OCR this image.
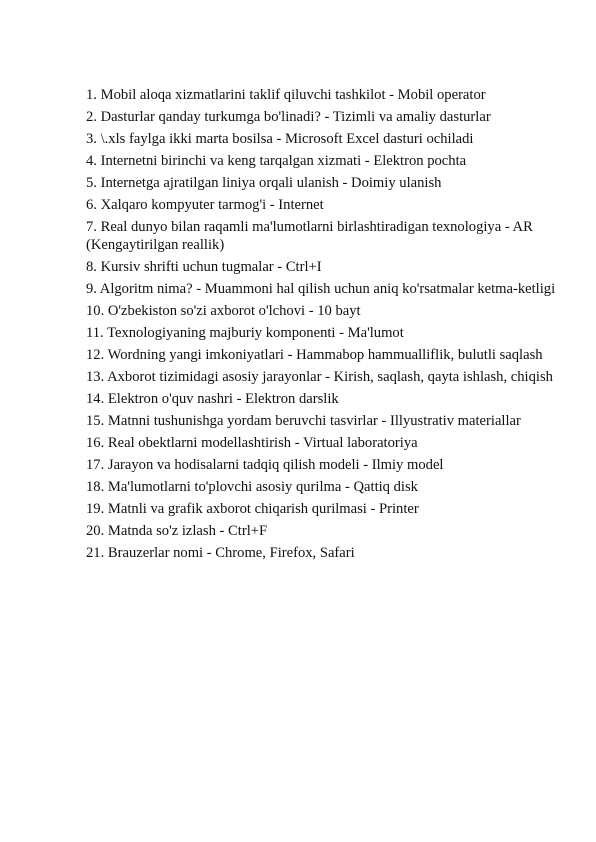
1. Mobil aloqa xizmatlarini taklif qiluvchi tashkilot - Mobil operator
2. Dasturlar qanday turkumga bo'linadi? - Tizimli va amaliy dasturlar
3. \.xls faylga ikki marta bosilsa - Microsoft Excel dasturi ochiladi
4. Internetni birinchi va keng tarqalgan xizmati - Elektron pochta
5. Internetga ajratilgan liniya orqali ulanish - Doimiy ulanish
6. Xalqaro kompyuter tarmog'i - Internet
7. Real dunyo bilan raqamli ma'lumotlarni birlashtiradigan texnologiya - AR (Kengaytirilgan reallik)
8. Kursiv shrifti uchun tugmalar - Ctrl+I
9. Algoritm nima? - Muammoni hal qilish uchun aniq ko'rsatmalar ketma-ketligi
10. O'zbekiston so'zi axborot o'lchovi - 10 bayt
11. Texnologiyaning majburiy komponenti - Ma'lumot
12. Wordning yangi imkoniyatlari - Hammabop hammualliflik, bulutli saqlash
13. Axborot tizimidagi asosiy jarayonlar - Kirish, saqlash, qayta ishlash, chiqish
14. Elektron o'quv nashri - Elektron darslik
15. Matnni tushunishga yordam beruvchi tasvirlar - Illyustrativ materiallar
16. Real obektlarni modellashtirish - Virtual laboratoriya
17. Jarayon va hodisalarni tadqiq qilish modeli - Ilmiy model
18. Ma'lumotlarni to'plovchi asosiy qurilma - Qattiq disk
19. Matnli va grafik axborot chiqarish qurilmasi - Printer
20. Matnda so'z izlash - Ctrl+F
21. Brauzerlar nomi - Chrome, Firefox, Safari
